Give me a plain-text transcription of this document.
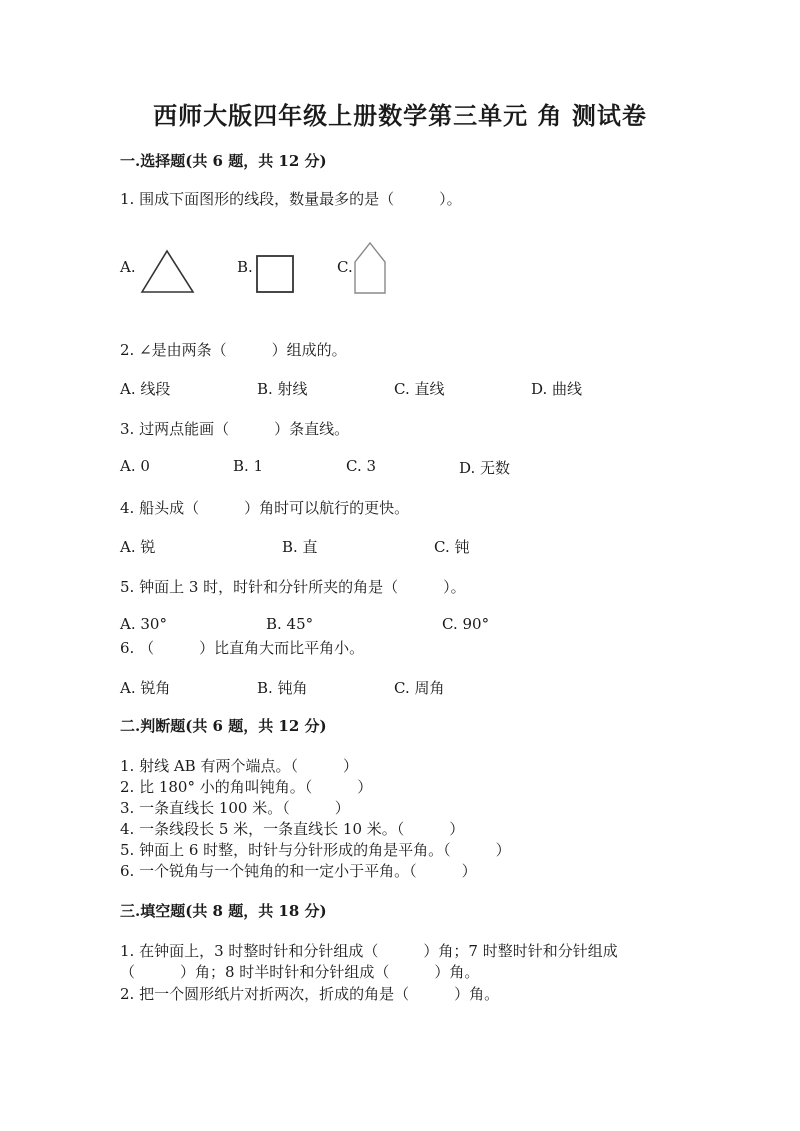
西师大版四年级上册数学第三单元 角 测试卷
一.选择题(共 6 题，共 12 分)
1. 围成下面图形的线段，数量最多的是（　　　）。
A.	B.	C.
2. ∠是由两条（　　　）组成的。
A. 线段	B. 射线	C. 直线	D. 曲线
3. 过两点能画（　　　）条直线。
A. 0	B. 1	C. 3	D. 无数
4. 船头成（　　　）角时可以航行的更快。
A. 锐	B. 直	C. 钝
5. 钟面上 3 时，时针和分针所夹的角是（　　　）。
A. 30°	B. 45°	C. 90°
6. （　　　）比直角大而比平角小。
A. 锐角	B. 钝角	C. 周角
二.判断题(共 6 题，共 12 分)
1. 射线 AB 有两个端点。（　　　）
2. 比 180° 小的角叫钝角。（　　　）
3. 一条直线长 100 米。（　　　）
4. 一条线段长 5 米，一条直线长 10 米。（　　　）
5. 钟面上 6 时整，时针与分针形成的角是平角。（　　　）
6. 一个锐角与一个钝角的和一定小于平角。（　　　）
三.填空题(共 8 题，共 18 分)
1. 在钟面上，3 时整时针和分针组成（　　　）角；7 时整时针和分针组成
（　　　）角；8 时半时针和分针组成（　　　）角。
2. 把一个圆形纸片对折两次，折成的角是（　　　）角。
